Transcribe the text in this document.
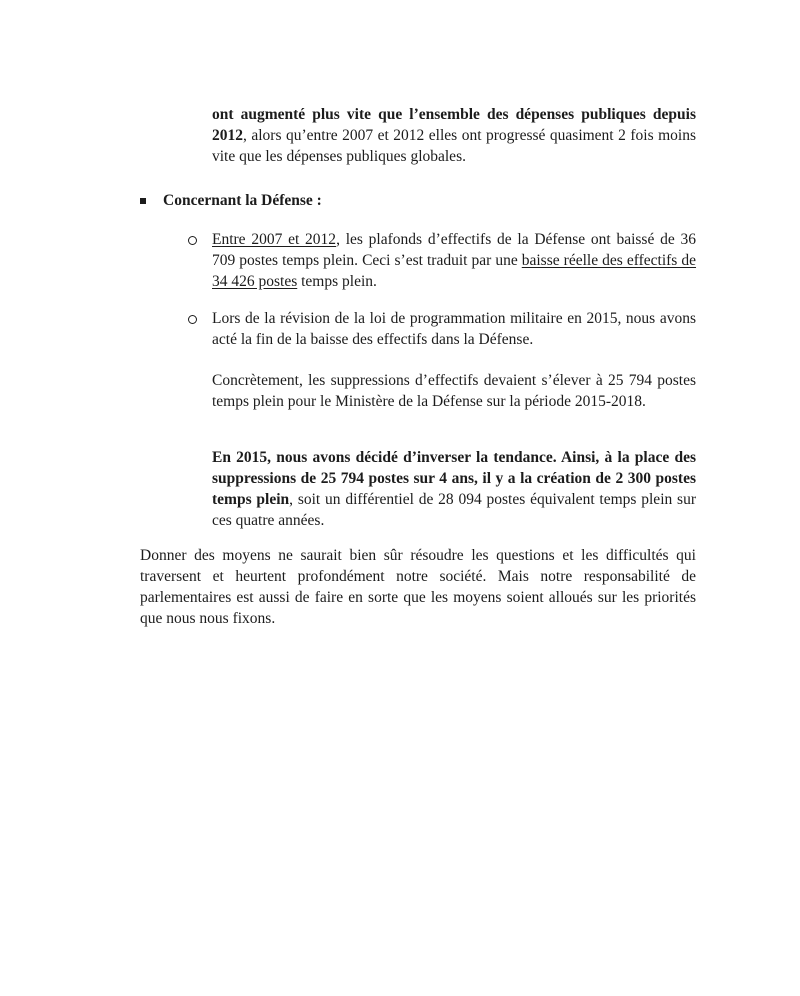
ont augmenté plus vite que l’ensemble des dépenses publiques depuis 2012, alors qu’entre 2007 et 2012 elles ont progressé quasiment 2 fois moins vite que les dépenses publiques globales.

Concernant la Défense :

Entre 2007 et 2012, les plafonds d’effectifs de la Défense ont baissé de 36 709 postes temps plein. Ceci s’est traduit par une baisse réelle des effectifs de 34 426 postes temps plein.

Lors de la révision de la loi de programmation militaire en 2015, nous avons acté la fin de la baisse des effectifs dans la Défense.

Concrètement, les suppressions d’effectifs devaient s’élever à 25 794 postes temps plein pour le Ministère de la Défense sur la période 2015-2018.

En 2015, nous avons décidé d’inverser la tendance. Ainsi, à la place des suppressions de 25 794 postes sur 4 ans, il y a la création de 2 300 postes temps plein, soit un différentiel de 28 094 postes équivalent temps plein sur ces quatre années.

Donner des moyens ne saurait bien sûr résoudre les questions et les difficultés qui traversent et heurtent profondément notre société. Mais notre responsabilité de parlementaires est aussi de faire en sorte que les moyens soient alloués sur les priorités que nous nous fixons.
